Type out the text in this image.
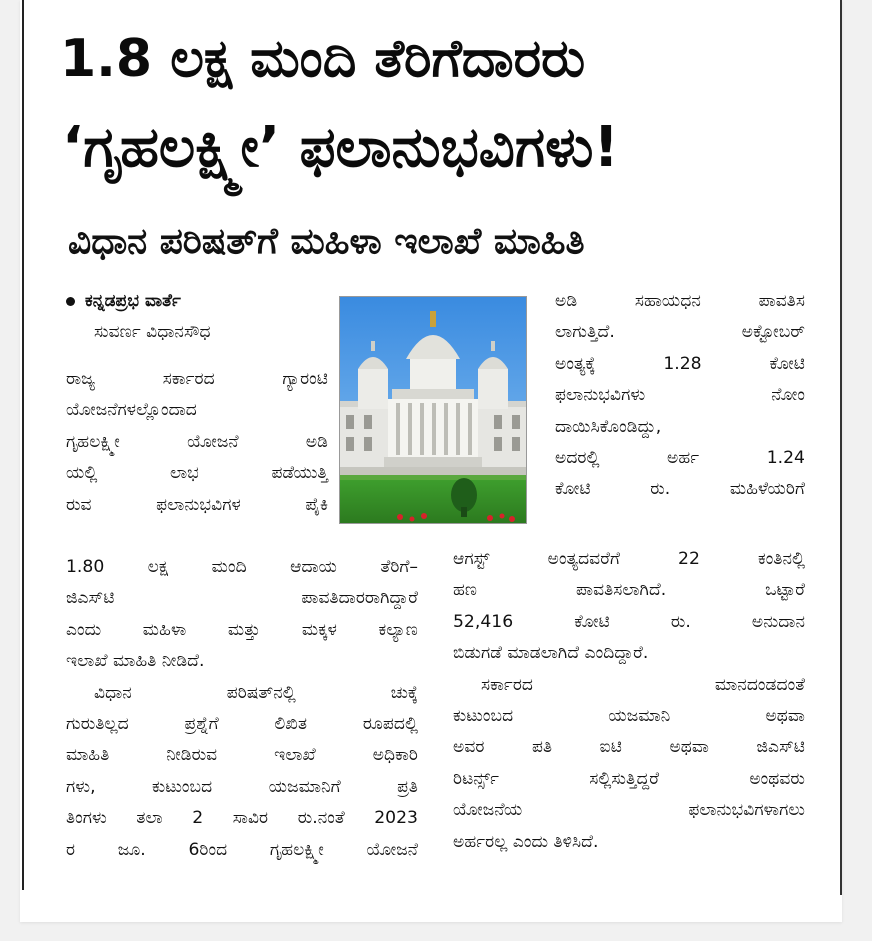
1.8 ಲಕ್ಷ ಮಂದಿ ತೆರಿಗೆದಾರರು
‘ಗೃಹಲಕ್ಷ್ಮೀ’ ಫಲಾನುಭವಿಗಳು!
ವಿಧಾನ ಪರಿಷತ್‌ಗೆ ಮಹಿಳಾ ಇಲಾಖೆ ಮಾಹಿತಿ
ಕನ್ನಡಪ್ರಭ ವಾರ್ತೆ
ಸುವರ್ಣ ವಿಧಾನಸೌಧ
ರಾಜ್ಯ ಸರ್ಕಾರದ ಗ್ಯಾರಂಟಿ
ಯೋಜನೆಗಳಲ್ಲೊಂದಾದ
ಗೃಹಲಕ್ಷ್ಮೀ ಯೋಜನೆ ಅಡಿ
ಯಲ್ಲಿ ಲಾಭ ಪಡೆಯುತ್ತಿ
ರುವ ಫಲಾನುಭವಿಗಳ ಪೈಕಿ
1.80 ಲಕ್ಷ ಮಂದಿ ಆದಾಯ ತೆರಿಗೆ–
ಜಿಎಸ್‌ಟಿ ಪಾವತಿದಾರರಾಗಿದ್ದಾರೆ
ಎಂದು ಮಹಿಳಾ ಮತ್ತು ಮಕ್ಕಳ ಕಲ್ಯಾಣ
ಇಲಾಖೆ ಮಾಹಿತಿ ನೀಡಿದೆ.
ವಿಧಾನ ಪರಿಷತ್‌ನಲ್ಲಿ ಚುಕ್ಕೆ
ಗುರುತಿಲ್ಲದ ಪ್ರಶ್ನೆಗೆ ಲಿಖಿತ ರೂಪದಲ್ಲಿ
ಮಾಹಿತಿ ನೀಡಿರುವ ಇಲಾಖೆ ಅಧಿಕಾರಿ
ಗಳು, ಕುಟುಂಬದ ಯಜಮಾನಿಗೆ ಪ್ರತಿ
ತಿಂಗಳು ತಲಾ 2 ಸಾವಿರ ರು.ನಂತೆ 2023
ರ ಜೂ. 6ರಿಂದ ಗೃಹಲಕ್ಷ್ಮೀ ಯೋಜನೆ
ಅಡಿ ಸಹಾಯಧನ ಪಾವತಿಸ
ಲಾಗುತ್ತಿದೆ. ಅಕ್ಟೋಬರ್
ಅಂತ್ಯಕ್ಕೆ 1.28 ಕೋಟಿ
ಫಲಾನುಭವಿಗಳು ನೋಂ
ದಾಯಿಸಿಕೊಂಡಿದ್ದು,
ಅದರಲ್ಲಿ ಅರ್ಹ 1.24
ಕೋಟಿ ರು. ಮಹಿಳೆಯರಿಗೆ
ಆಗಸ್ಟ್ ಅಂತ್ಯದವರೆಗೆ 22 ಕಂತಿನಲ್ಲಿ
ಹಣ ಪಾವತಿಸಲಾಗಿದೆ. ಒಟ್ಟಾರೆ
52,416 ಕೋಟಿ ರು. ಅನುದಾನ
ಬಿಡುಗಡೆ ಮಾಡಲಾಗಿದೆ ಎಂದಿದ್ದಾರೆ.
ಸರ್ಕಾರದ ಮಾನದಂಡದಂತೆ
ಕುಟುಂಬದ ಯಜಮಾನಿ ಅಥವಾ
ಅವರ ಪತಿ ಐಟಿ ಅಥವಾ ಜಿಎಸ್‌ಟಿ
ರಿಟರ್ನ್ಸ್ ಸಲ್ಲಿಸುತ್ತಿದ್ದರೆ ಅಂಥವರು
ಯೋಜನೆಯ ಫಲಾನುಭವಿಗಳಾಗಲು
ಅರ್ಹರಲ್ಲ ಎಂದು ತಿಳಿಸಿದೆ.
